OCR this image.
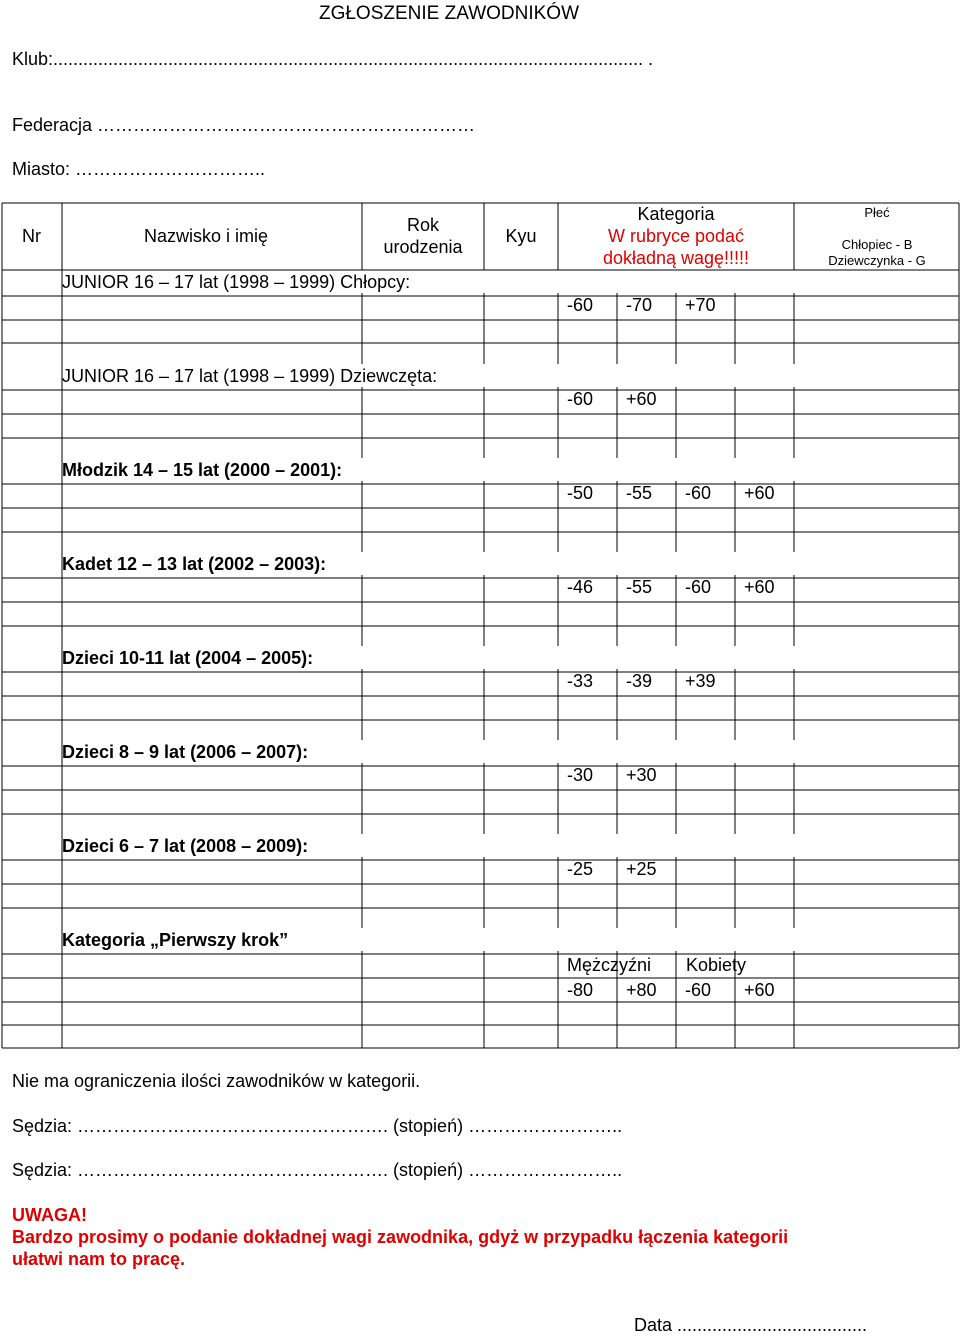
ZGŁOSZENIE ZAWODNIKÓW
Klub:...................................................................................................................... .
Federacja ………………………………………………………
Miasto: …………………………..
Nr	Nazwisko i imię
Rok
urodzenia
Kyu
Kategoria
W rubryce podać
dokładną wagę!!!!!
Płeć
Chłopiec - B
Dziewczynka - G
JUNIOR 16 – 17 lat (1998 – 1999) Chłopcy:
JUNIOR 16 – 17 lat (1998 – 1999) Dziewczęta:
Młodzik 14 – 15 lat (2000 – 2001):
Kadet 12 – 13 lat (2002 – 2003):
Dzieci 10-11 lat (2004 – 2005):
Dzieci 8 – 9 lat (2006 – 2007):
Dzieci 6 – 7 lat (2008 – 2009):
Kategoria „Pierwszy krok”
-60 -70 +70
-60 +60
-50 -55 -60 +60
-46 -55 -60 +60
-33 -39 +39
-30 +30
-25 +25
Mężczyźni Kobiety
-80 +80 -60 +60
Nie ma ograniczenia ilości zawodników w kategorii.
Sędzia: ……………………………………………. (stopień) ……………………..
Sędzia: ……………………………………………. (stopień) ……………………..
UWAGA!
Bardzo prosimy o podanie dokładnej wagi zawodnika, gdyż w przypadku łączenia kategorii
ułatwi nam to pracę.
Data ......................................
